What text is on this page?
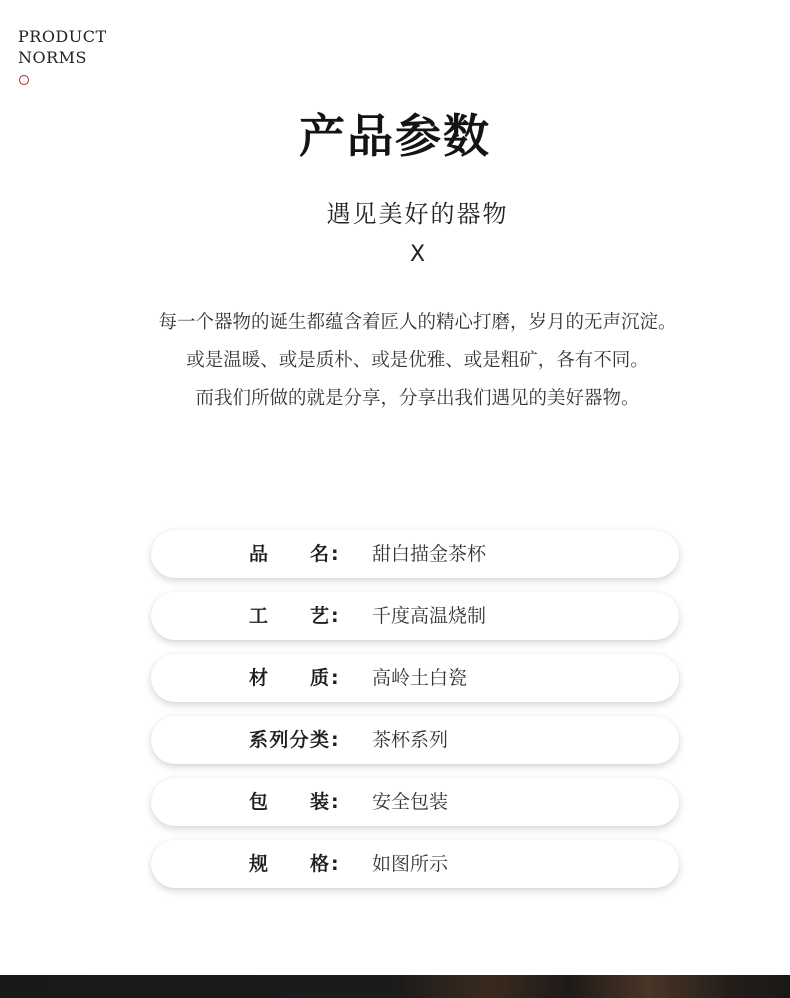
PRODUCT
NORMS
产品参数
遇见美好的器物
X
每一个器物的诞生都蕴含着匠人的精心打磨，岁月的无声沉淀。
或是温暖、或是质朴、或是优雅、或是粗矿，各有不同。
而我们所做的就是分享，分享出我们遇见的美好器物。
品名 : 甜白描金茶杯
工艺 : 千度高温烧制
材质 : 高岭土白瓷
系列分类 : 茶杯系列
包装 : 安全包装
规格 : 如图所示
